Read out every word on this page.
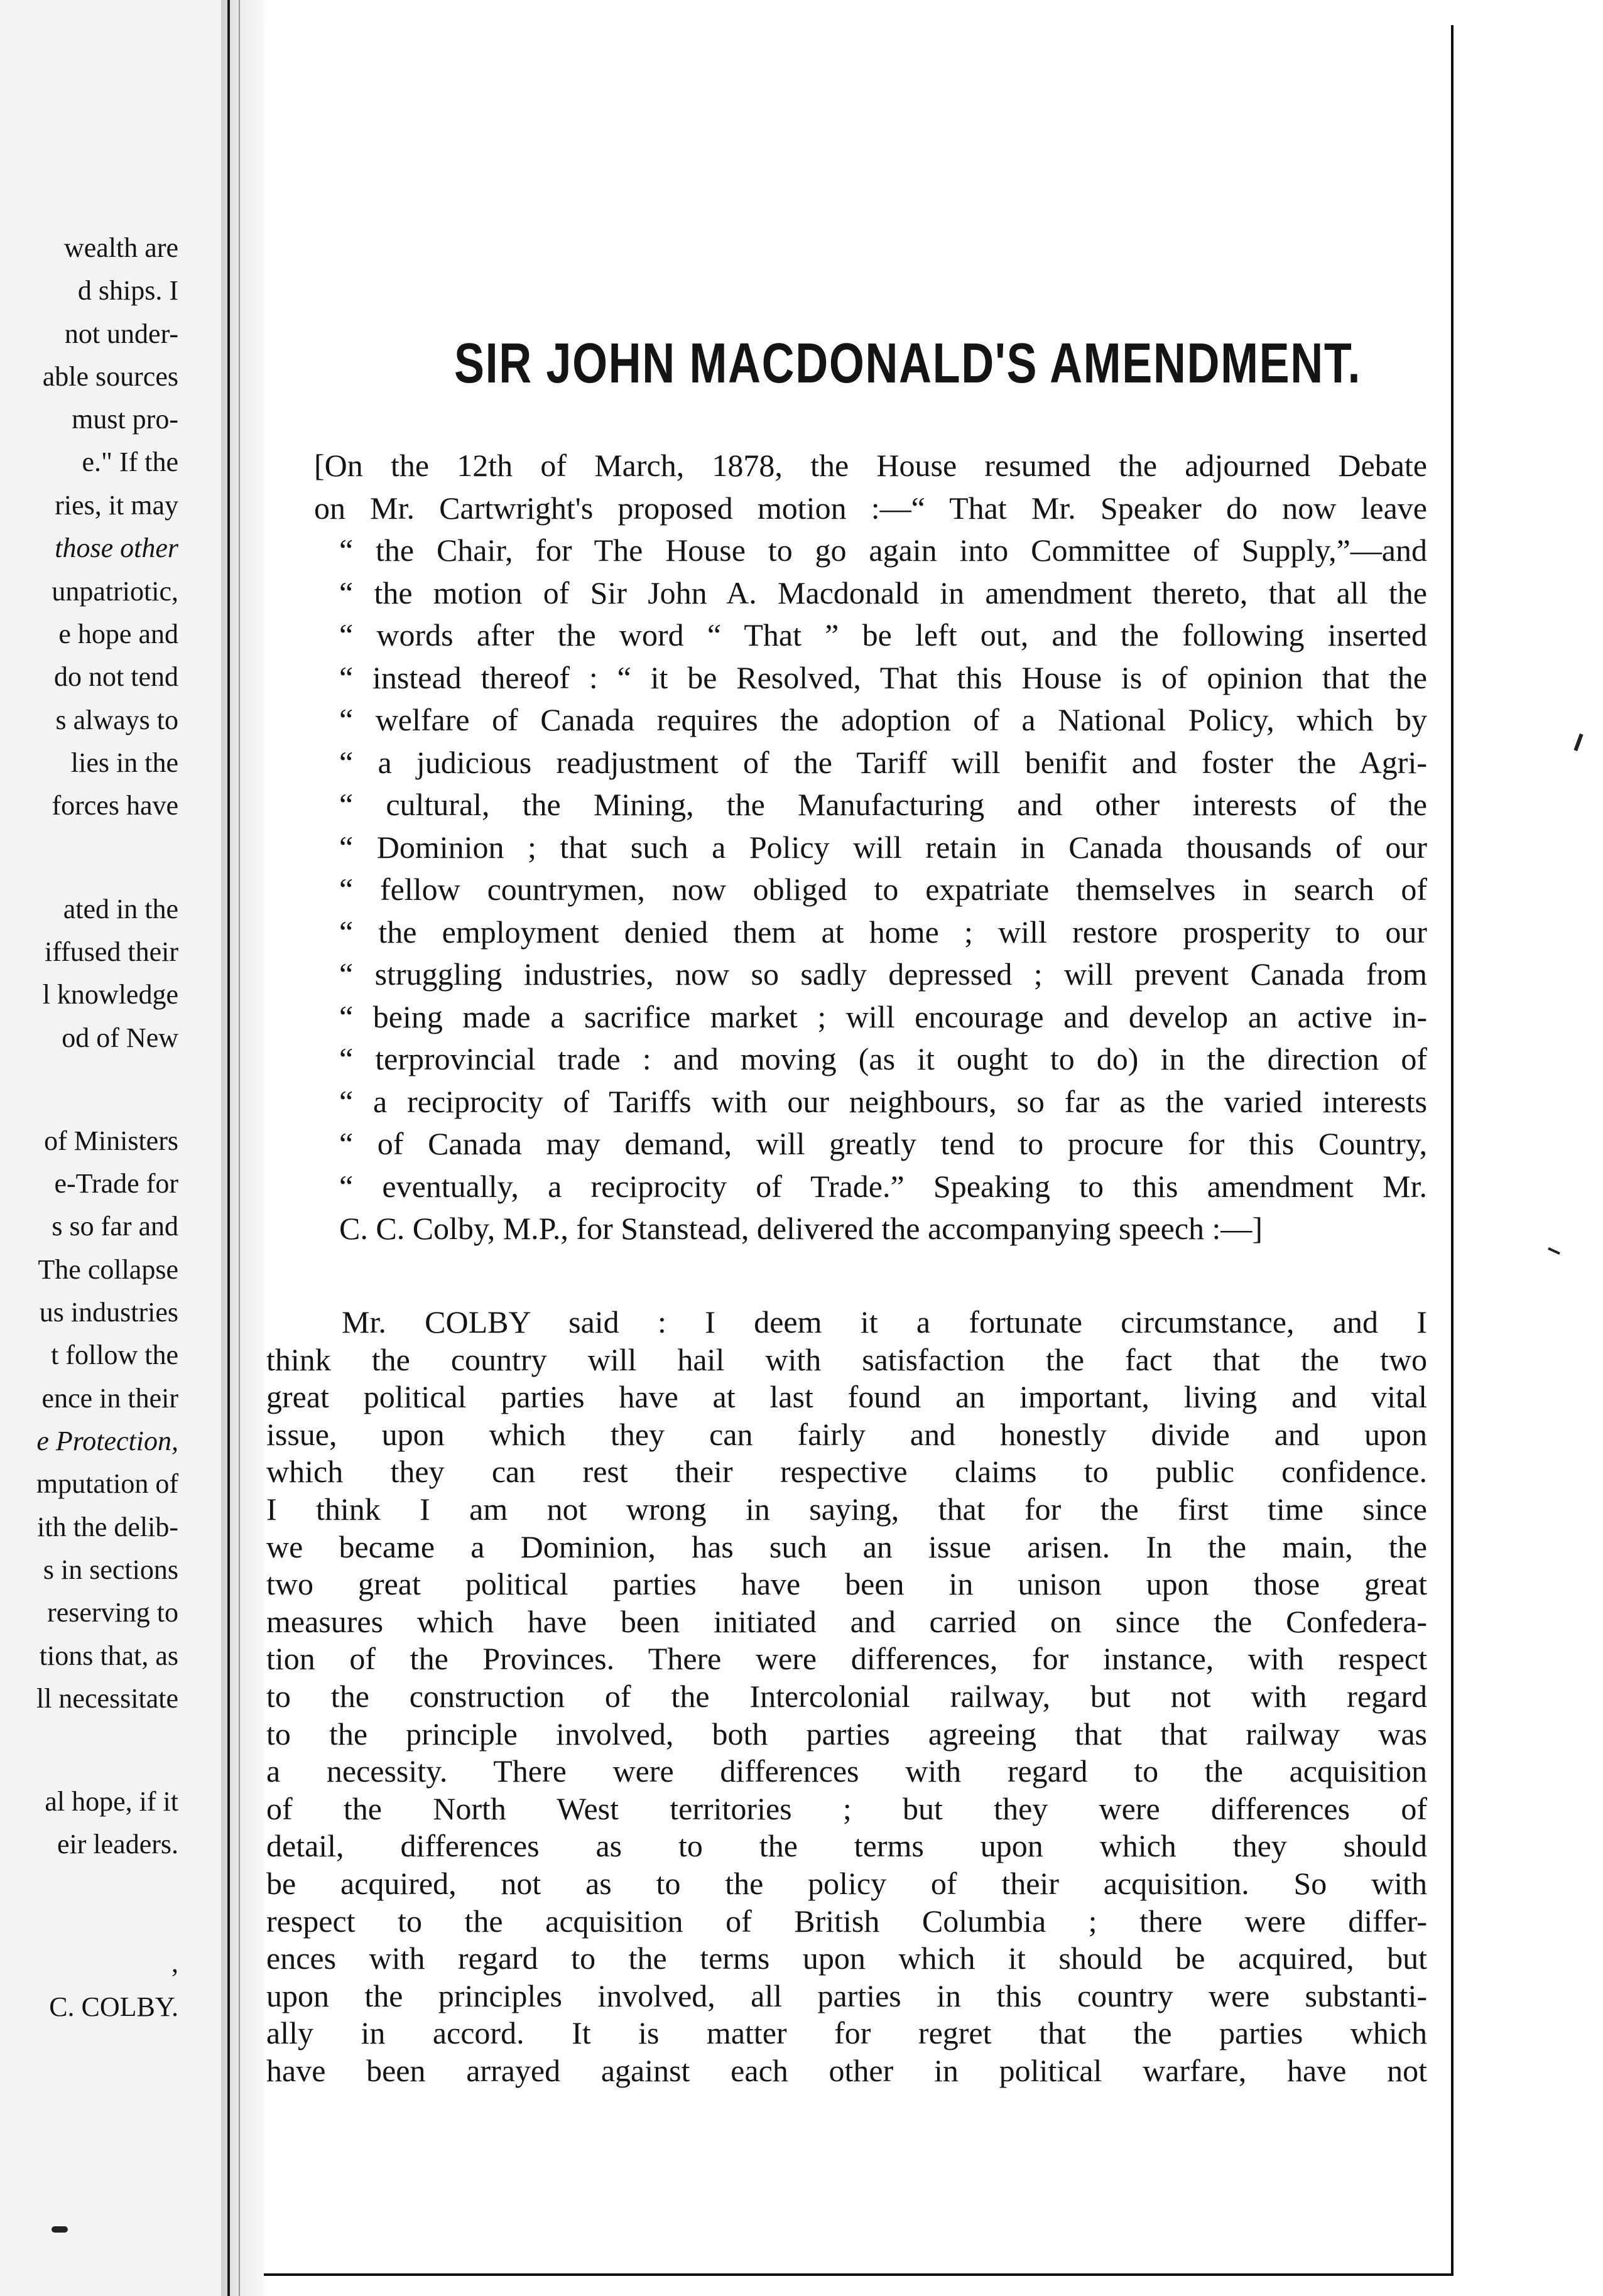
wealth are
d ships. I
not under-
able sources
must pro-
e." If the
ries, it may
those other
unpatriotic,
e hope and
do not tend
s always to
lies in the
forces have
ated in the
iffused their
l knowledge
od of New
of Ministers
e-Trade for
s so far and
The collapse
us industries
t follow the
ence in their
e Protection,
mputation of
ith the delib-
s in sections
reserving to
tions that, as
ll necessitate
al hope, if it
eir leaders.
,
C. COLBY.
SIR JOHN MACDONALD'S AMENDMENT.
[On the 12th of March, 1878, the House resumed the adjourned Debate
on Mr. Cartwright's proposed motion :—“ That Mr. Speaker do now leave
“ the Chair, for The House to go again into Committee of Supply,”—and
“ the motion of Sir John A. Macdonald in amendment thereto, that all the
“ words after the word “ That ” be left out, and the following inserted
“ instead thereof : “ it be Resolved, That this House is of opinion that the
“ welfare of Canada requires the adoption of a National Policy, which by
“ a judicious readjustment of the Tariff will benifit and foster the Agri-
“ cultural, the Mining, the Manufacturing and other interests of the
“ Dominion ; that such a Policy will retain in Canada thousands of our
“ fellow countrymen, now obliged to expatriate themselves in search of
“ the employment denied them at home ; will restore prosperity to our
“ struggling industries, now so sadly depressed ; will prevent Canada from
“ being made a sacrifice market ; will encourage and develop an active in-
“ terprovincial trade : and moving (as it ought to do) in the direction of
“ a reciprocity of Tariffs with our neighbours, so far as the varied interests
“ of Canada may demand, will greatly tend to procure for this Country,
“ eventually, a reciprocity of Trade.” Speaking to this amendment Mr.
C. C. Colby, M.P., for Stanstead, delivered the accompanying speech :—]
Mr. COLBY said : I deem it a fortunate circumstance, and I
think the country will hail with satisfaction the fact that the two
great political parties have at last found an important, living and vital
issue, upon which they can fairly and honestly divide and upon
which they can rest their respective claims to public confidence.
I think I am not wrong in saying, that for the first time since
we became a Dominion, has such an issue arisen. In the main, the
two great political parties have been in unison upon those great
measures which have been initiated and carried on since the Confedera-
tion of the Provinces. There were differences, for instance, with respect
to the construction of the Intercolonial railway, but not with regard
to the principle involved, both parties agreeing that that railway was
a necessity. There were differences with regard to the acquisition
of the North West territories ; but they were differences of
detail, differences as to the terms upon which they should
be acquired, not as to the policy of their acquisition. So with
respect to the acquisition of British Columbia ; there were differ-
ences with regard to the terms upon which it should be acquired, but
upon the principles involved, all parties in this country were substanti-
ally in accord. It is matter for regret that the parties which
have been arrayed against each other in political warfare, have not
